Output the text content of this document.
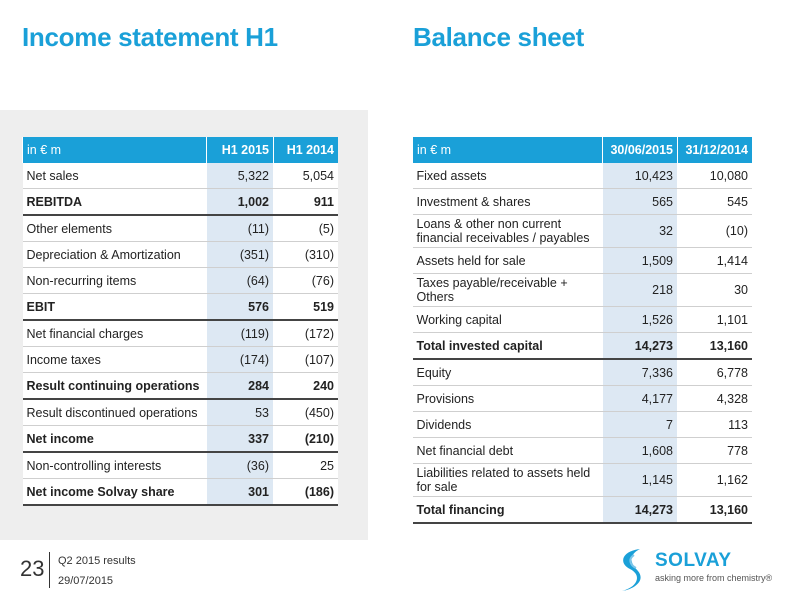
Income statement H1	Balance sheet
in € m	H1 2015	H1 2014
Net sales	5,322	5,054
REBITDA	1,002	911
Other elements	(11)	(5)
Depreciation & Amortization	(351)	(310)
Non-recurring items	(64)	(76)
EBIT	576	519
Net financial charges	(119)	(172)
Income taxes	(174)	(107)
Result continuing operations	284	240
Result discontinued operations	53	(450)
Net income	337	(210)
Non-controlling interests	(36)	25
Net income Solvay share	301	(186)
in € m	30/06/2015	31/12/2014
Fixed assets	10,423	10,080
Investment & shares	565	545
Loans & other non current financial receivables / payables	32	(10)
Assets held for sale	1,509	1,414
Taxes payable/receivable + Others	218	30
Working capital	1,526	1,101
Total invested capital	14,273	13,160
Equity	7,336	6,778
Provisions	4,177	4,328
Dividends	7	113
Net financial debt	1,608	778
Liabilities related to assets held for sale	1,145	1,162
Total financing	14,273	13,160
23 Q2 2015 results
29/07/2015
SOLVAY
asking more from chemistry®
